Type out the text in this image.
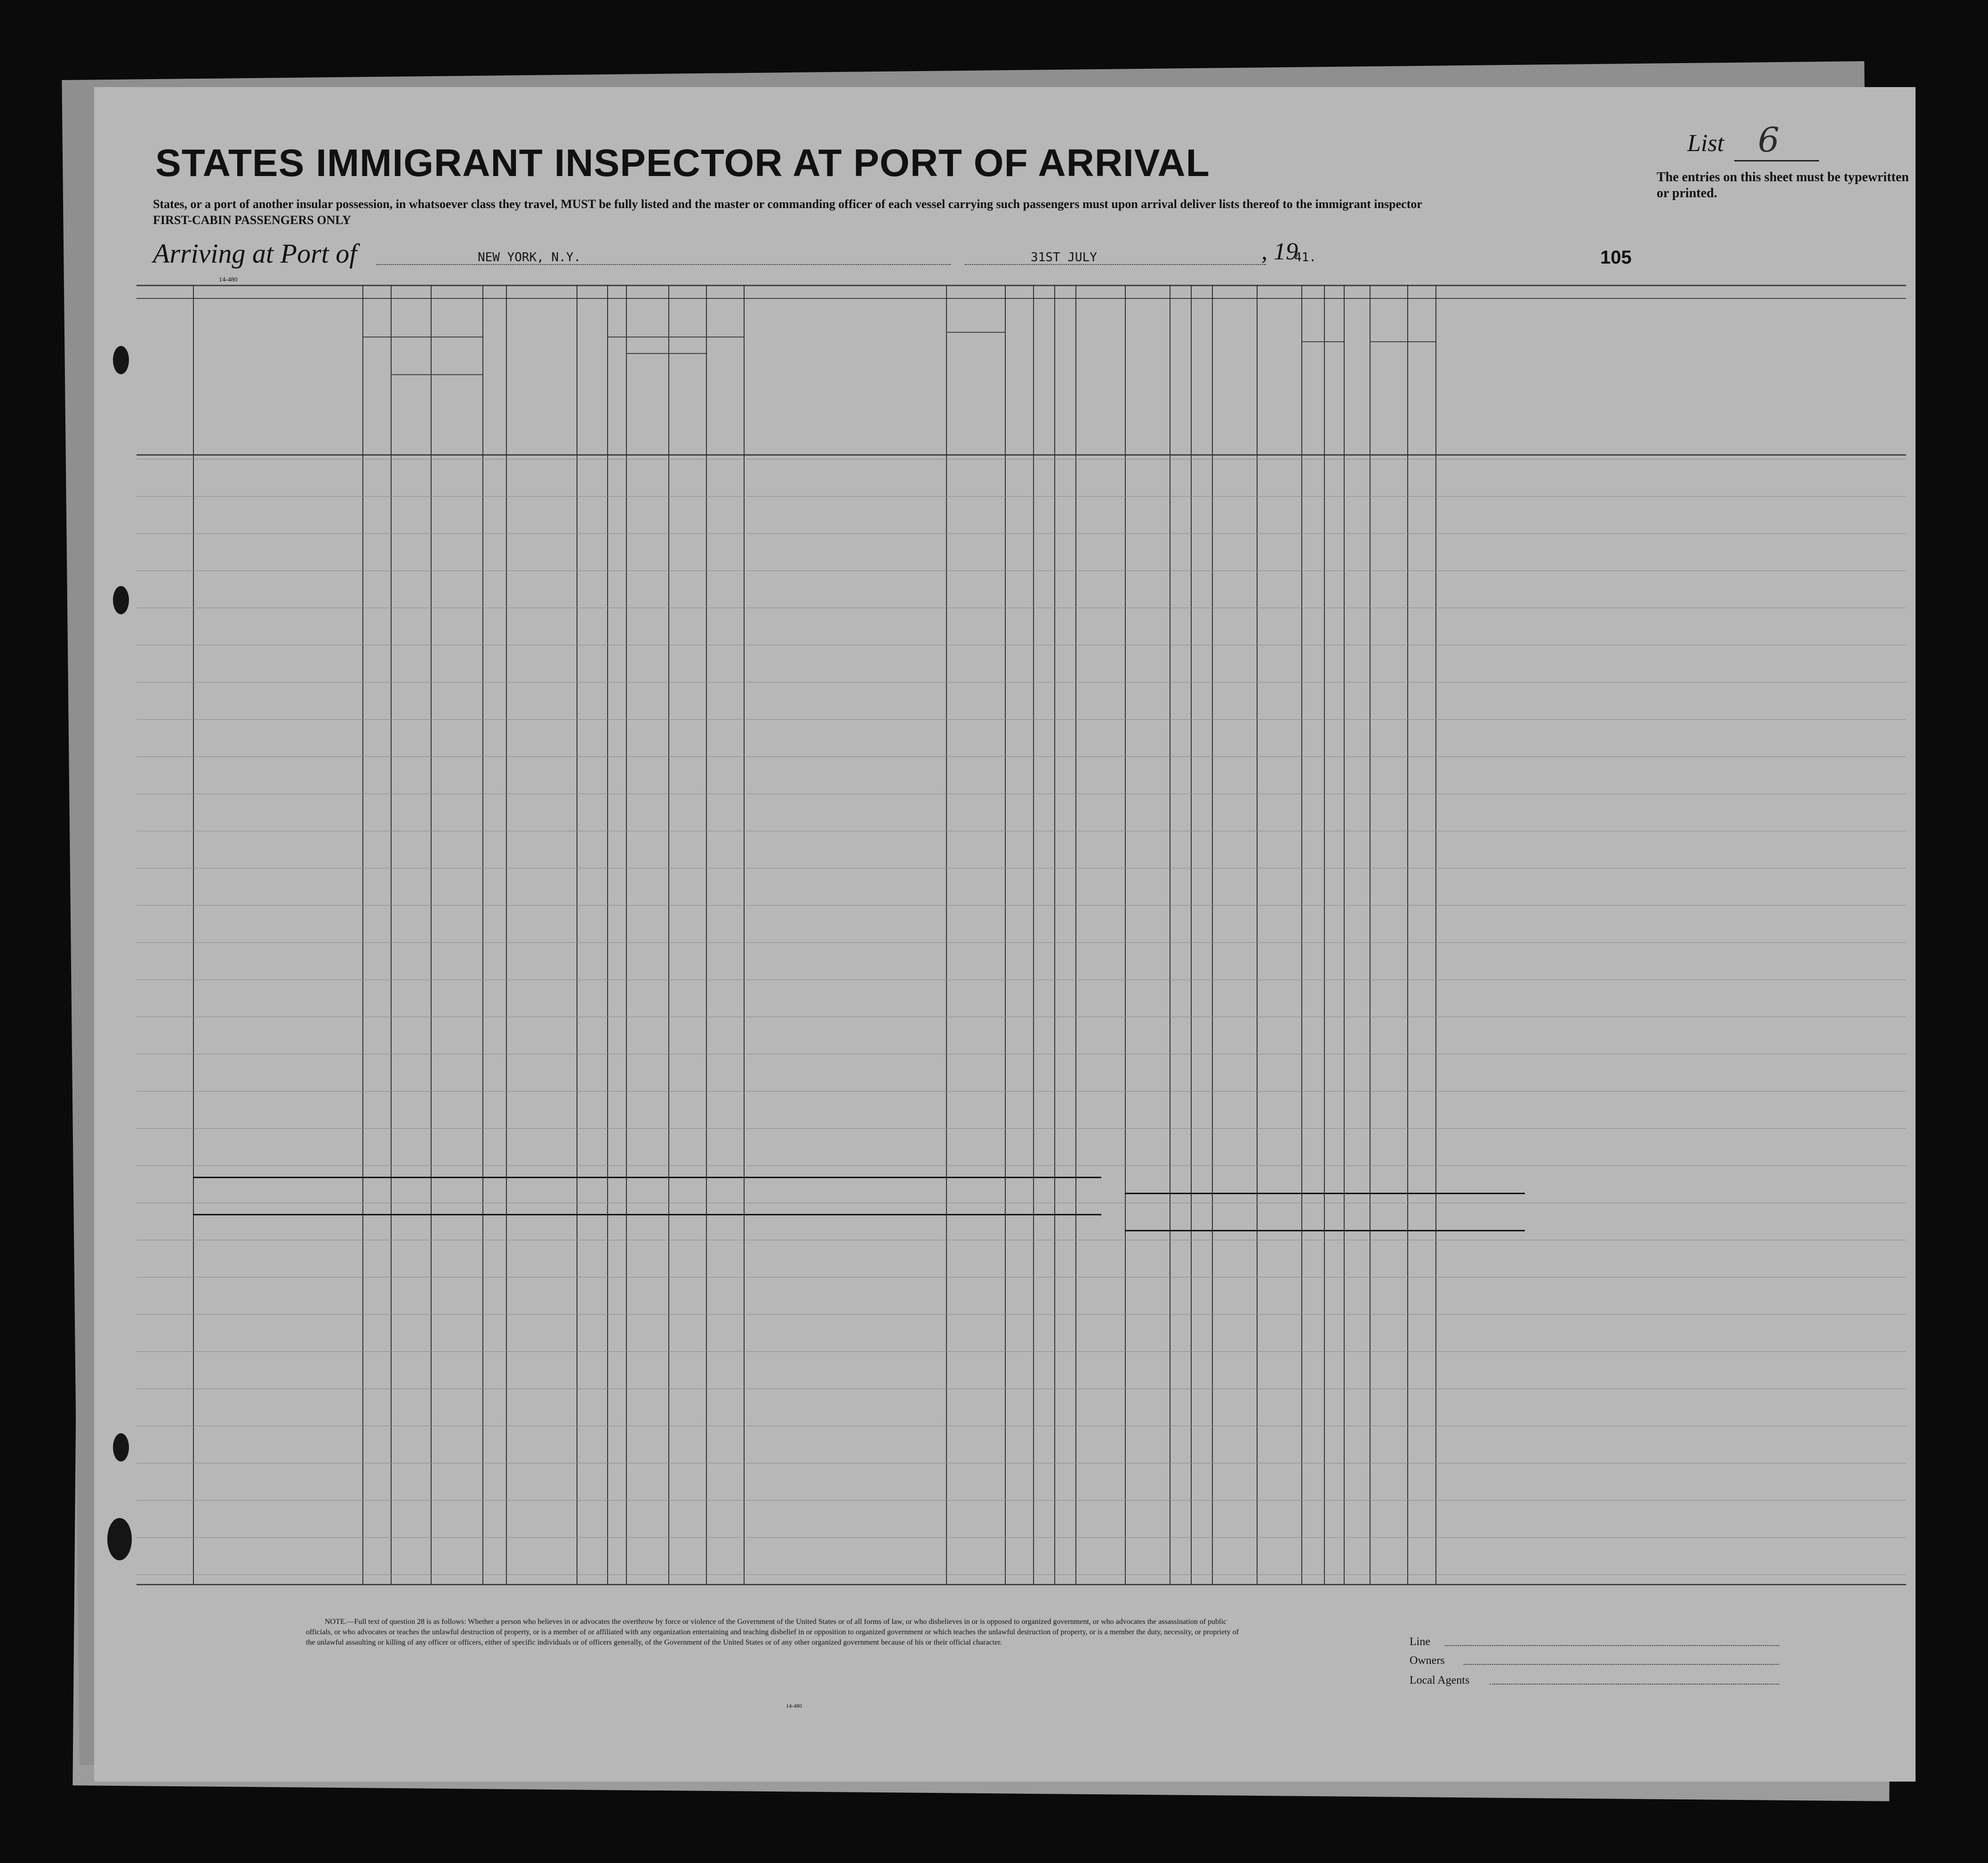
List 6
STATES IMMIGRANT INSPECTOR AT PORT OF ARRIVAL	The entries on this sheet must be typewritten or printed.
States, or a port of another insular possession, in whatsoever class they travel, MUST be fully listed and the master or commanding officer of each vessel carrying such passengers must upon arrival deliver lists thereof to the immigrant inspector
FIRST-CABIN PASSENGERS ONLY
Arriving at Port of	NEW YORK, N.Y.	31ST JULY	, 19
41.	105
14-480
NOTE.—Full text of question 28 is as follows: Whether a person who believes in or advocates the overthrow by force or violence of the Government of the United States or of all forms of law, or who disbelieves in or is opposed to organized government, or who advocates the assassination of public officials, or who advocates or teaches the unlawful destruction of property, or is a member of or affiliated with any organization entertaining and teaching disbelief in or opposition to organized government or which teaches the unlawful destruction of property, or is a member the duty, necessity, or propriety of the unlawful assaulting or killing of any officer or officers, either of specific individuals or of officers generally, of the Government of the United States or of any other organized government because of his or their official character.
14-480
Line
Owners
Local Agents
